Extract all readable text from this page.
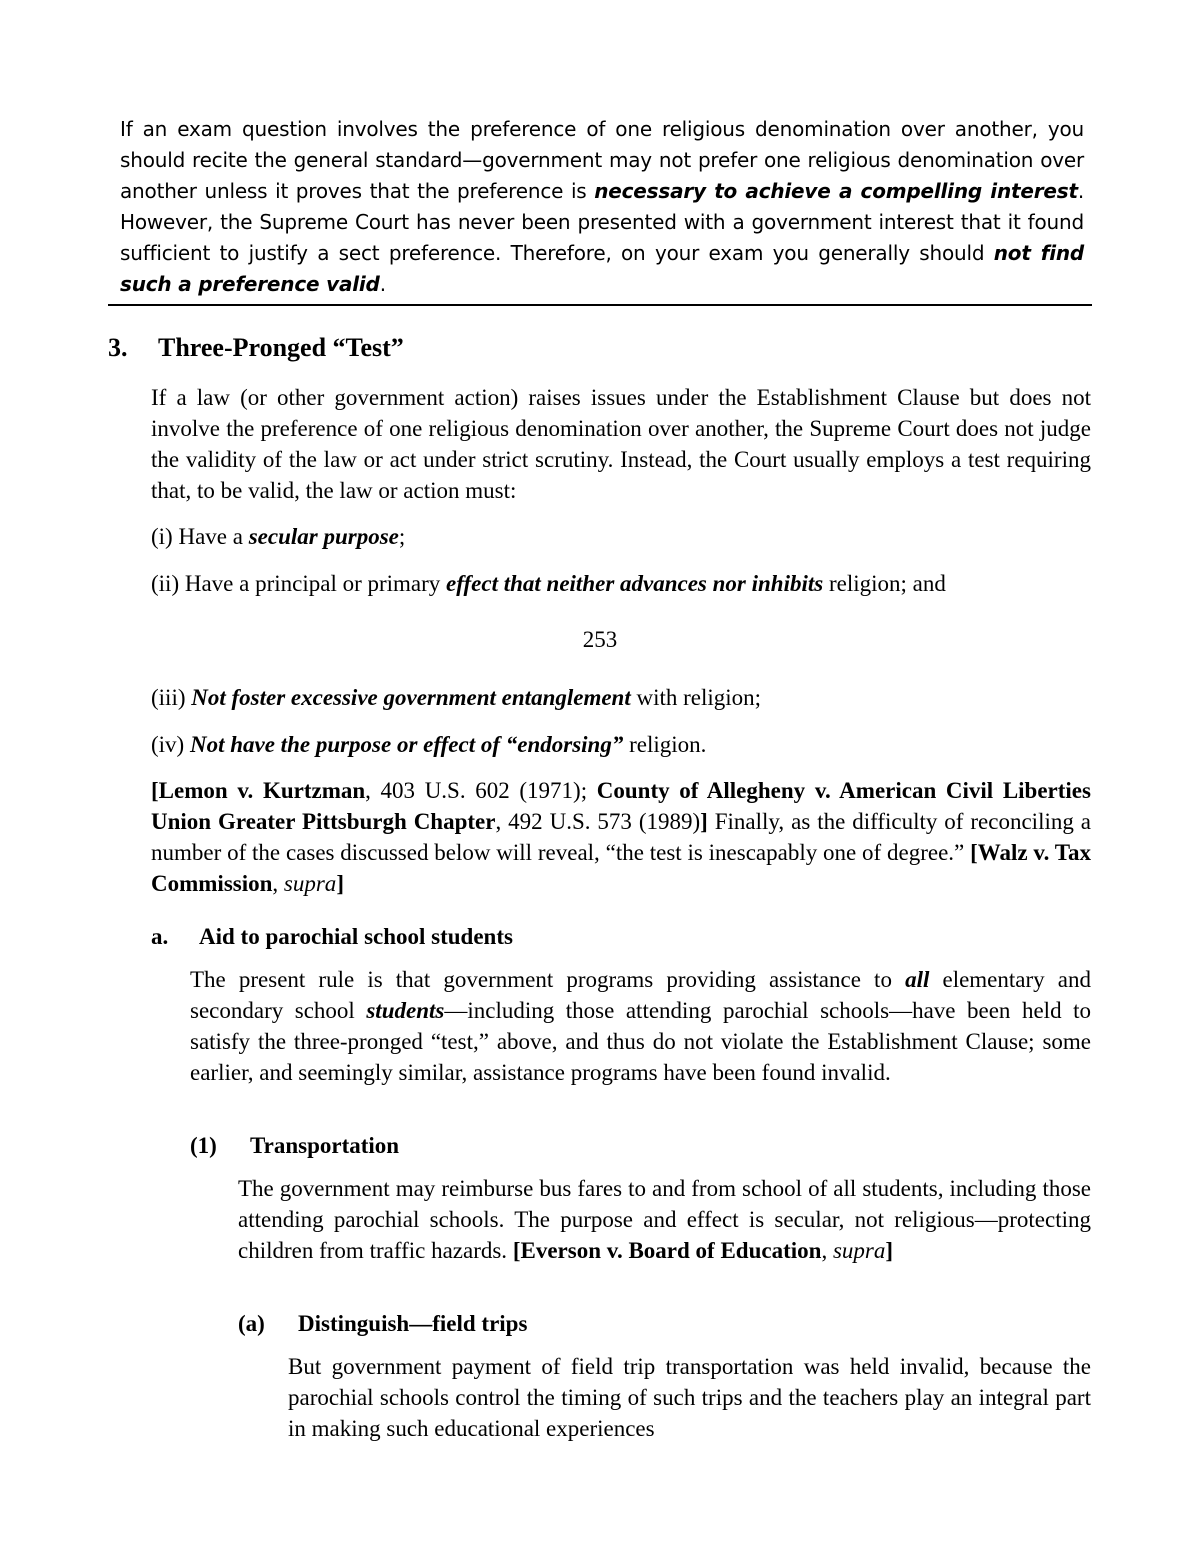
If an exam question involves the preference of one religious denomination over another, you should recite the general standard—government may not prefer one religious denomination over another unless it proves that the preference is necessary to achieve a compelling interest. However, the Supreme Court has never been presented with a government interest that it found sufficient to justify a sect preference. Therefore, on your exam you generally should not find such a preference valid.
3. Three-Pronged “Test”
If a law (or other government action) raises issues under the Establishment Clause but does not involve the preference of one religious denomination over another, the Supreme Court does not judge the validity of the law or act under strict scrutiny. Instead, the Court usually employs a test requiring that, to be valid, the law or action must:
(i) Have a secular purpose;
(ii) Have a principal or primary effect that neither advances nor inhibits religion; and
253
(iii) Not foster excessive government entanglement with religion;
(iv) Not have the purpose or effect of “endorsing” religion.
[Lemon v. Kurtzman, 403 U.S. 602 (1971); County of Allegheny v. American Civil Liberties Union Greater Pittsburgh Chapter, 492 U.S. 573 (1989)] Finally, as the difficulty of reconciling a number of the cases discussed below will reveal, “the test is inescapably one of degree.” [Walz v. Tax Commission, supra]
a. Aid to parochial school students
The present rule is that government programs providing assistance to all elementary and secondary school students—including those attending parochial schools—have been held to satisfy the three-pronged “test,” above, and thus do not violate the Establishment Clause; some earlier, and seemingly similar, assistance programs have been found invalid.
(1) Transportation
The government may reimburse bus fares to and from school of all students, including those attending parochial schools. The purpose and effect is secular, not religious—protecting children from traffic hazards. [Everson v. Board of Education, supra]
(a) Distinguish—field trips
But government payment of field trip transportation was held invalid, because the parochial schools control the timing of such trips and the teachers play an integral part in making such educational experiences
